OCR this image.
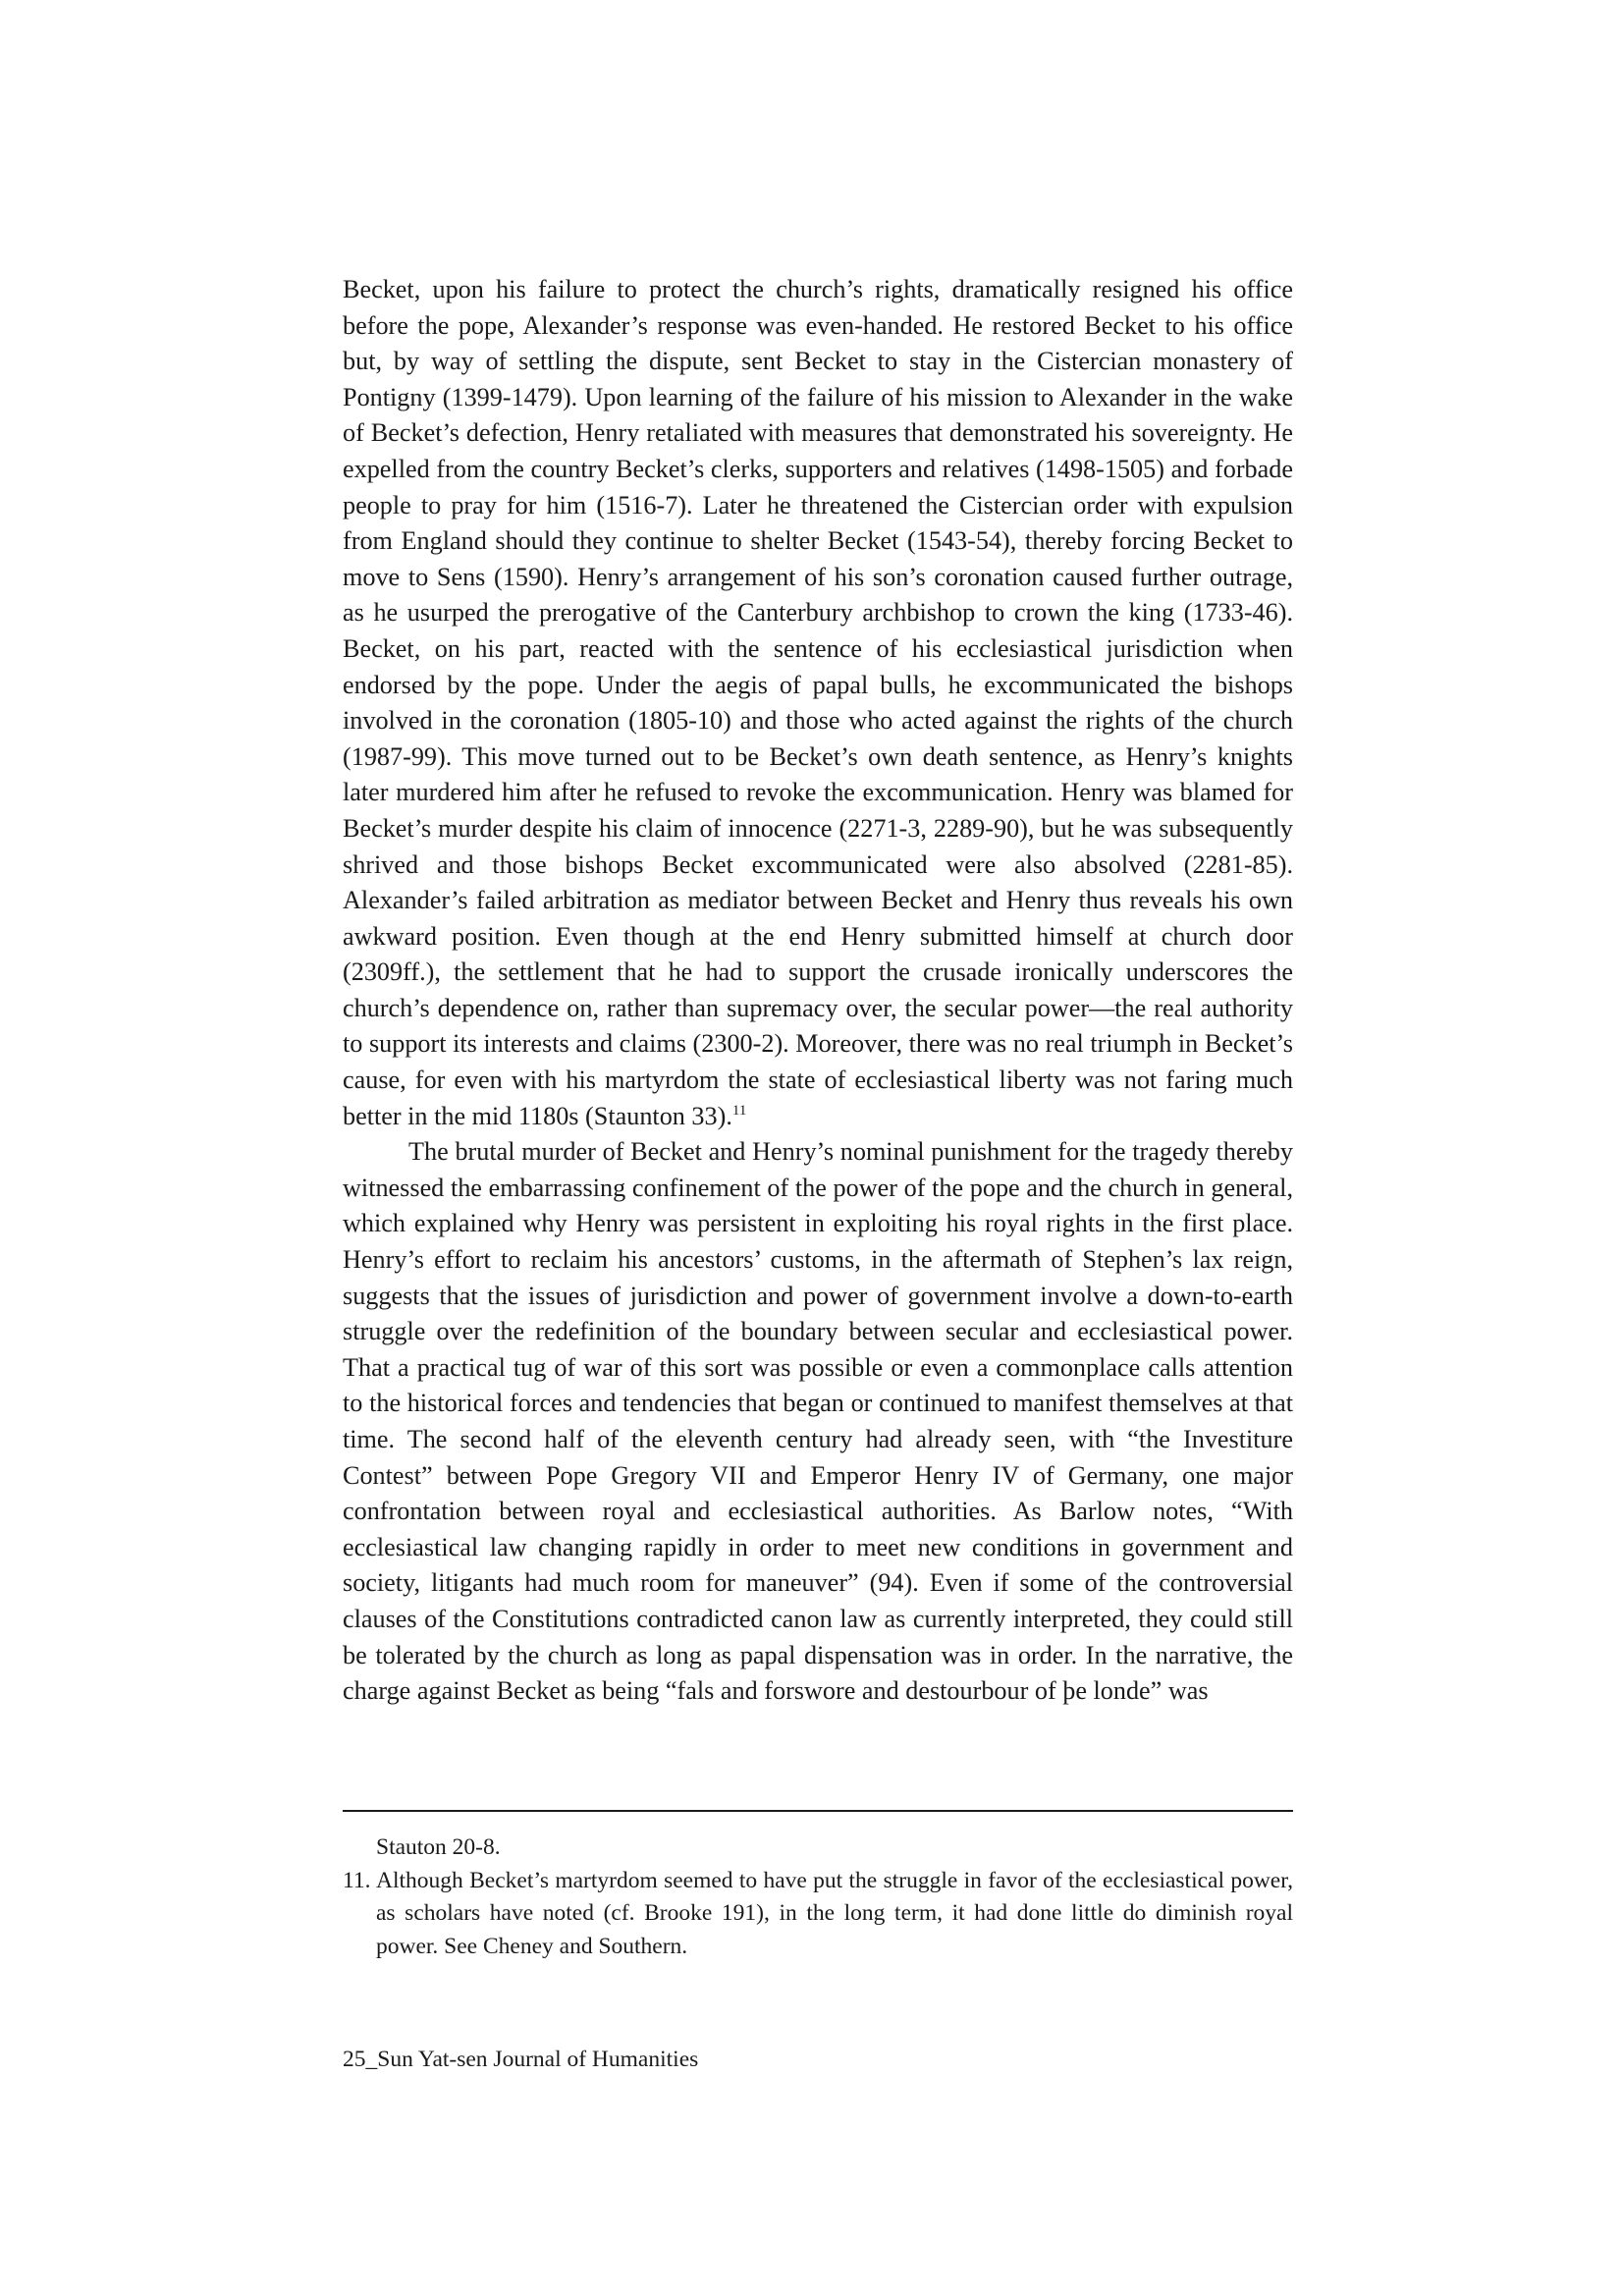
Becket, upon his failure to protect the church’s rights, dramatically resigned his office before the pope, Alexander’s response was even-handed. He restored Becket to his office but, by way of settling the dispute, sent Becket to stay in the Cistercian monastery of Pontigny (1399-1479). Upon learning of the failure of his mission to Alexander in the wake of Becket’s defection, Henry retaliated with measures that demonstrated his sovereignty. He expelled from the country Becket’s clerks, supporters and relatives (1498-1505) and forbade people to pray for him (1516-7). Later he threatened the Cistercian order with expulsion from England should they continue to shelter Becket (1543-54), thereby forcing Becket to move to Sens (1590). Henry’s arrangement of his son’s coronation caused further outrage, as he usurped the prerogative of the Canterbury archbishop to crown the king (1733-46). Becket, on his part, reacted with the sentence of his ecclesiastical jurisdiction when endorsed by the pope. Under the aegis of papal bulls, he excommunicated the bishops involved in the coronation (1805-10) and those who acted against the rights of the church (1987-99). This move turned out to be Becket’s own death sentence, as Henry’s knights later murdered him after he refused to revoke the excommunication. Henry was blamed for Becket’s murder despite his claim of innocence (2271-3, 2289-90), but he was subsequently shrived and those bishops Becket excommunicated were also absolved (2281-85). Alexander’s failed arbitration as mediator between Becket and Henry thus reveals his own awkward position. Even though at the end Henry submitted himself at church door (2309ff.), the settlement that he had to support the crusade ironically underscores the church’s dependence on, rather than supremacy over, the secular power—the real authority to support its interests and claims (2300-2). Moreover, there was no real triumph in Becket’s cause, for even with his martyrdom the state of ecclesiastical liberty was not faring much better in the mid 1180s (Staunton 33).$^{11}$

The brutal murder of Becket and Henry’s nominal punishment for the tragedy thereby witnessed the embarrassing confinement of the power of the pope and the church in general, which explained why Henry was persistent in exploiting his royal rights in the first place. Henry’s effort to reclaim his ancestors’ customs, in the aftermath of Stephen’s lax reign, suggests that the issues of jurisdiction and power of government involve a down-to-earth struggle over the redefinition of the boundary between secular and ecclesiastical power. That a practical tug of war of this sort was possible or even a commonplace calls attention to the historical forces and tendencies that began or continued to manifest themselves at that time. The second half of the eleventh century had already seen, with “the Investiture Contest” between Pope Gregory VII and Emperor Henry IV of Germany, one major confrontation between royal and ecclesiastical authorities. As Barlow notes, “With ecclesiastical law changing rapidly in order to meet new conditions in government and society, litigants had much room for maneuver” (94). Even if some of the controversial clauses of the Constitutions contradicted canon law as currently interpreted, they could still be tolerated by the church as long as papal dispensation was in order. In the narrative, the charge against Becket as being “fals and forswore and destourbour of þe londe” was

Stauton 20-8.

11. Although Becket’s martyrdom seemed to have put the struggle in favor of the ecclesiastical power, as scholars have noted (cf. Brooke 191), in the long term, it had done little do diminish royal power. See Cheney and Southern.

25_Sun Yat-sen Journal of Humanities
